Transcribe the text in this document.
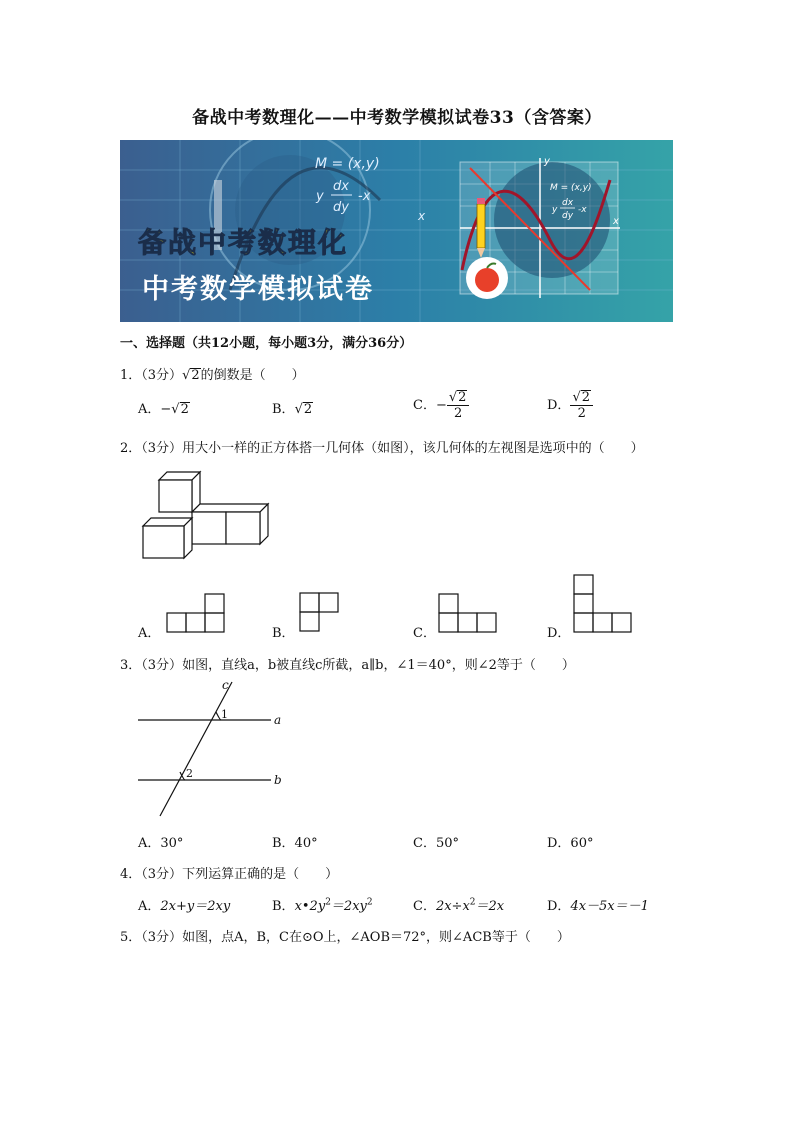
备战中考数理化——中考数学模拟试卷33（含答案）
M = (x,y)
y
dx
dy
-x
x
备战中考数理化
中考数学模拟试卷
y
x
M = (x,y)
y
dx
dy
-x
一、选择题（共12小题，每小题3分，满分36分）
1．（3分）√2的倒数是（　　）
A．−√2	B．√2	C．− $\frac{√2}{2}$	D． $\frac{√2}{2}$
2．（3分）用大小一样的正方体搭一几何体（如图），该几何体的左视图是选项中的（　　）
A．	B．	C．	D．
3．（3分）如图，直线a，b被直线c所截，a∥b，∠1＝40°，则∠2等于（　　）
c
a
b
1
2
A．30°	B．40°	C．50°	D．60°
4．（3分）下列运算正确的是（　　）
A．2x+y＝2xy	B．$x•2y^2=2xy^2$	C．$2x\div x^2=2x$	D．4x－5x＝－1
5．（3分）如图，点A，B，C在⊙O上，∠AOB＝72°，则∠ACB等于（　　）
